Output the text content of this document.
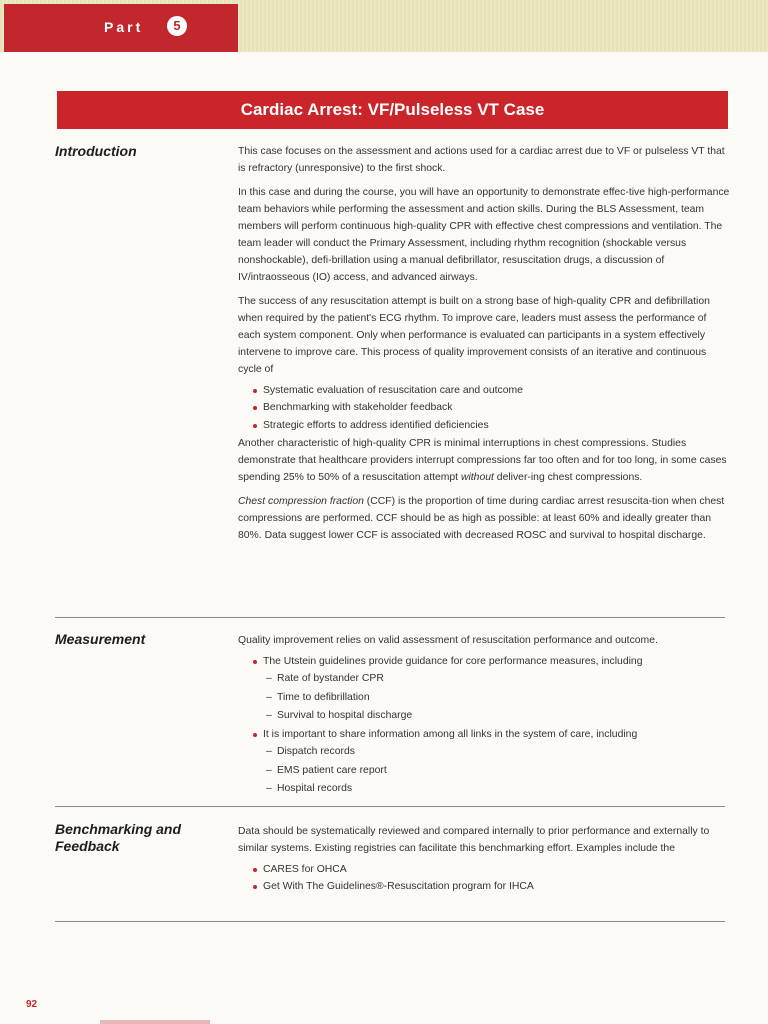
Part	5
Cardiac Arrest: VF/Pulseless VT Case
Introduction	This case focuses on the assessment and actions used for a cardiac arrest due to VF or pulseless VT that is refractory (unresponsive) to the first shock.

In this case and during the course, you will have an opportunity to demonstrate effec-tive high-performance team behaviors while performing the assessment and action skills. During the BLS Assessment, team members will perform continuous high-quality CPR with effective chest compressions and ventilation. The team leader will conduct the Primary Assessment, including rhythm recognition (shockable versus nonshockable), defi-brillation using a manual defibrillator, resuscitation drugs, a discussion of IV/intraosseous (IO) access, and advanced airways.

The success of any resuscitation attempt is built on a strong base of high-quality CPR and defibrillation when required by the patient's ECG rhythm. To improve care, leaders must assess the performance of each system component. Only when performance is evaluated can participants in a system effectively intervene to improve care. This process of quality improvement consists of an iterative and continuous cycle of

Systematic evaluation of resuscitation care and outcome
Benchmarking with stakeholder feedback
Strategic efforts to address identified deficiencies

Another characteristic of high-quality CPR is minimal interruptions in chest compressions. Studies demonstrate that healthcare providers interrupt compressions far too often and for too long, in some cases spending 25% to 50% of a resuscitation attempt without deliver-ing chest compressions.

Chest compression fraction (CCF) is the proportion of time during cardiac arrest resuscita-tion when chest compressions are performed. CCF should be as high as possible: at least 60% and ideally greater than 80%. Data suggest lower CCF is associated with decreased ROSC and survival to hospital discharge.

Measurement	Quality improvement relies on valid assessment of resuscitation performance and outcome.

The Utstein guidelines provide guidance for core performance measures, including
– Rate of bystander CPR
– Time to defibrillation
– Survival to hospital discharge
It is important to share information among all links in the system of care, including
– Dispatch records
– EMS patient care report
– Hospital records
Benchmarking and Feedback

Data should be systematically reviewed and compared internally to prior performance and externally to similar systems. Existing registries can facilitate this benchmarking effort. Examples include the

CARES for OHCA
Get With The Guidelines®-Resuscitation program for IHCA
92
